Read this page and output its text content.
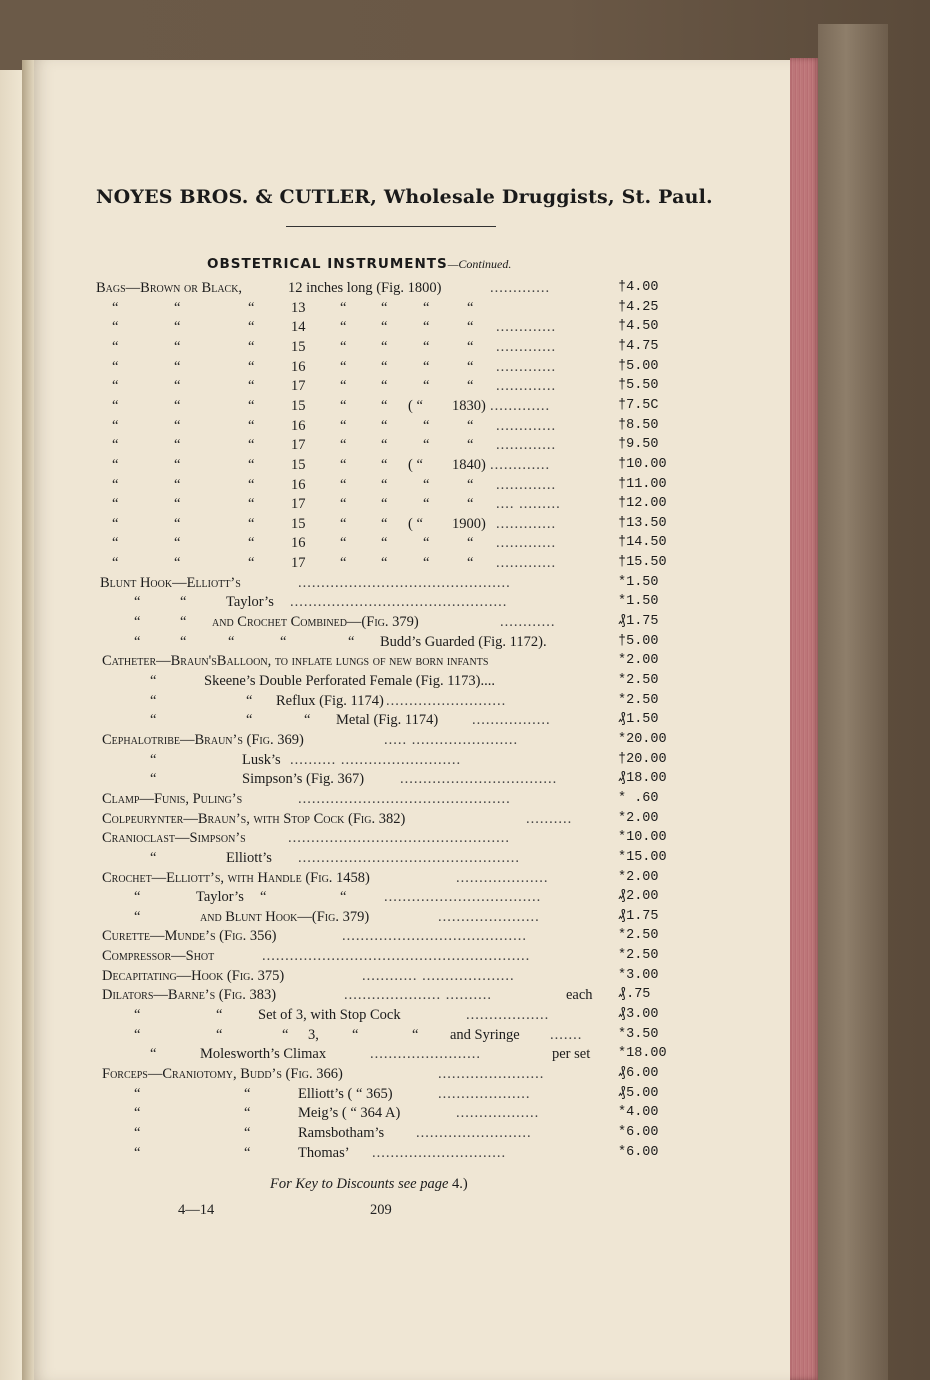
NOYES BROS. & CUTLER, Wholesale Druggists, St. Paul.
OBSTETRICAL INSTRUMENTS—Continued.
Bags—Brown or Black,	12 inches long (Fig. 1800)	.............	†4.00
“	“	“	13 “ “ “	“	†4.25
“	“	“	14 “ “ “	“ .............	†4.50
“	“	“	15 “ “ “	“ .............	†4.75
“	“	“	16 “ “ “	“ .............	†5.00
“	“	“	17 “ “ “	“ .............	†5.50
“	“	“	15 “ “ ( “ 1830) .............	†7.5C
“	“	“	16 “ “ “	“ .............	†8.50
“	“	“	17 “ “ “	“ .............	†9.50
“	“	“	15 “ “ ( “ 1840) .............	†10.00
“	“	“	16 “ “ “	“ .............	†11.00
“	“	“	17 “ “ “	“ .... .........	†12.00
“	“	“	15 “ “ ( “ 1900) .............	†13.50
“	“	“	16 “ “ “	“ .............	†14.50
“	“	“	17 “ “ “	“ .............	†15.50
Blunt Hook—Elliott’s	..............................................	*1.50
“	“	Taylor’s ...............................................	*1.50
“	“ and Crochet Combined—(Fig. 379)	............	₰1.75
“	“	“	“	“ Budd’s Guarded (Fig. 1172).	†5.00
Catheter—Braun'sBalloon, to inflate lungs of new born infants	*2.00
“	Skeene’s Double Perforated Female (Fig. 1173)....	*2.50
“	“ Reflux (Fig. 1174) ..........................	*2.50
“	“	“ Metal (Fig. 1174) .................	₰1.50
Cephalotribe—Braun’s (Fig. 369)	..... .......................	*20.00
“	Lusk’s .......... ..........................	†20.00
“	Simpson’s (Fig. 367) ..................................	₰18.00
Clamp—Funis, Puling’s	..............................................	* .60
Colpeurynter—Braun’s, with Stop Cock (Fig. 382)	..........	*2.00
Cranioclast—Simpson’s	................................................	*10.00
“	Elliott’s ................................................	*15.00
Crochet—Elliott’s, with Handle (Fig. 1458)	....................	*2.00
“	Taylor’s “	“	..................................	₰2.00
“	and Blunt Hook—(Fig. 379)	......................	₰1.75
Curette—Munde’s (Fig. 356)	........................................	*2.50
Compressor—Shot	..........................................................	*2.50
Decapitating—Hook (Fig. 375)	............ ....................	*3.00
Dilators—Barne’s (Fig. 383)	..................... ..........	each ₰.75
“	“ Set of 3, with Stop Cock	..................	₰3.00
“	“	“ 3, “	“ and Syringe .......	*3.50
“	Molesworth’s Climax	........................	per set *18.00
Forceps—Craniotomy, Budd’s (Fig. 366)	.......................	₰6.00
“	“	Elliott’s ( “ 365)	....................	₰5.00
“	“	Meig’s ( “ 364 A)	..................	*4.00
“	“	Ramsbotham’s .........................	*6.00
“	“	Thomas’ .............................	*6.00
For Key to Discounts see page 4.)
4—14	209
